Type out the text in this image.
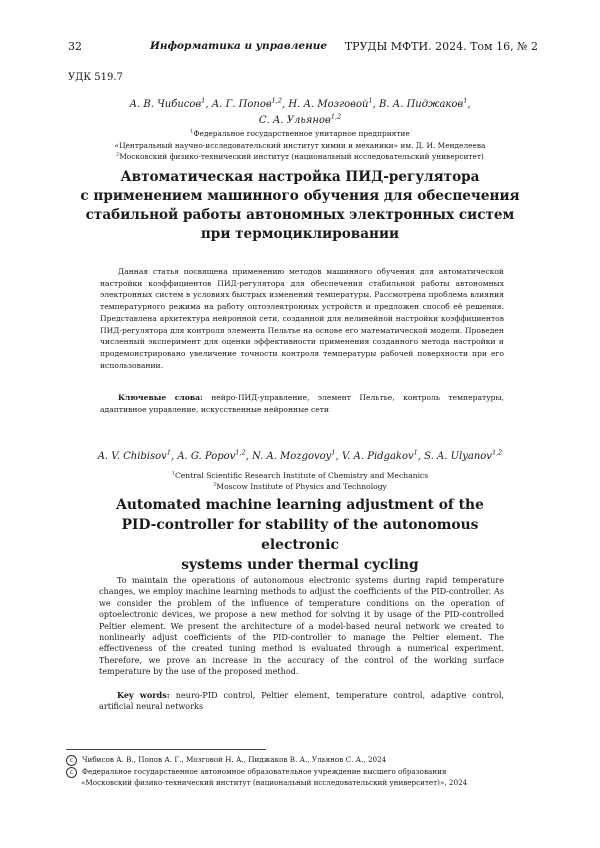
32	Информатика и управление ТРУДЫ МФТИ. 2024. Том 16, № 2
УДК 519.7
А. В. Чибисов$^1$, А. Г. Попов$^{1,2}$, Н. А. Мозговой$^1$, В. А. Пиджаков$^1$,
С. А. Ульянов$^{1,2}$
$^1$Федеральное государственное унитарное предприятие
«Центральный научно-исследовательский институт химии и механики» им. Д. И. Менделеева
$^2$Московский физико-технический институт (национальный исследовательский университет)
Автоматическая настройка ПИД-регулятора
с применением машинного обучения для обеспечения
стабильной работы автономных электронных систем
при термоциклировании
Данная статья посвящена применению методов машинного обучения для автоматической настройки коэффициентов ПИД-регулятора для обеспечения стабильной работы автономных электронных систем в условиях быстрых изменений температуры. Рассмотрена проблема влияния температурного режима на работу оптоэлектронных устройств и предложен способ её решения. Представлена архитектура нейронной сети, созданной для нелинейной настройки коэффициентов ПИД-регулятора для контроля элемента Пельтье на основе его математической модели. Проведен численный эксперимент для оценки эффективности применения созданного метода настройки и продемонстрировано увеличение точности контроля температуры рабочей поверхности при его использовании.
Ключевые слова: нейро-ПИД-управление, элемент Пельтье, контроль температуры, адаптивное управление, искусственные нейронные сети
A. V. Chibisov$^1$, A. G. Popov$^{1,2}$, N. A. Mozgovoy$^1$, V. A. Pidgakov$^1$, S. A. Ulyanov$^{1,2}$
$^1$Central Scientific Research Institute of Chemistry and Mechanics
$^2$Moscow Institute of Physics and Technology
Automated machine learning adjustment of the
PID-controller for stability of the autonomous electronic
systems under thermal cycling
To maintain the operations of autonomous electronic systems during rapid temperature changes, we employ machine learning methods to adjust the coefficients of the PID-controller. As we consider the problem of the influence of temperature conditions on the operation of optoelectronic devices, we propose a new method for solving it by usage of the PID-controlled Peltier element. We present the architecture of a model-based neural network we created to nonlinearly adjust coefficients of the PID-controller to manage the Peltier element. The effectiveness of the created tuning method is evaluated through a numerical experiment. Therefore, we prove an increase in the accuracy of the control of the working surface temperature by the use of the proposed method.
Key words: neuro-PID control, Peltier element, temperature control, adaptive control, artificial neural networks
c Чибисов А. В., Попов А. Г., Мозговой Н. А., Пиджаков В. А., Ульянов С. А., 2024
c Федеральное государственное автономное образовательное учреждение высшего образования
«Московский физико-технический институт (национальный исследовательский университет)», 2024
